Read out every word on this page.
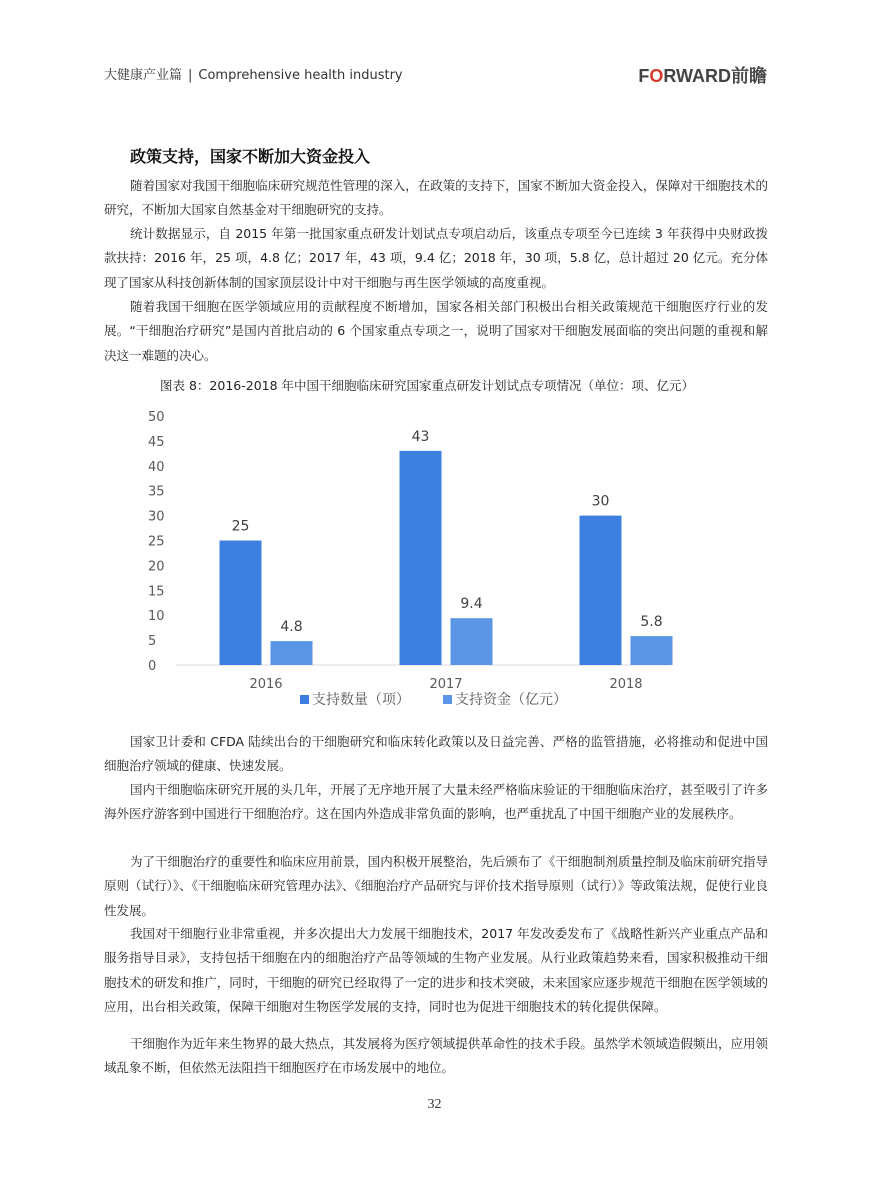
大健康产业篇 | Comprehensive health industry	FORWARD前瞻
政策支持，国家不断加大资金投入

随着国家对我国干细胞临床研究规范性管理的深入，在政策的支持下，国家不断加大资金投入，保障对干细胞技术的研究，不断加大国家自然基金对干细胞研究的支持。

统计数据显示，自 2015 年第一批国家重点研发计划试点专项启动后，该重点专项至今已连续 3 年获得中央财政拨款扶持：2016 年，25 项，4.8 亿；2017 年，43 项，9.4 亿；2018 年，30 项，5.8 亿，总计超过 20 亿元。充分体现了国家从科技创新体制的国家顶层设计中对干细胞与再生医学领域的高度重视。

随着我国干细胞在医学领域应用的贡献程度不断增加，国家各相关部门积极出台相关政策规范干细胞医疗行业的发展。“干细胞治疗研究”是国内首批启动的 6 个国家重点专项之一，说明了国家对干细胞发展面临的突出问题的重视和解决这一难题的决心。

图表 8：2016-2018 年中国干细胞临床研究国家重点研发计划试点专项情况（单位：项、亿元）
0
5
10
15
20
25
30
35
40
45
50
25
4.8
43
9.4
30
5.8
2016	2017	2018
支持数量（项）	支持资金（亿元）

国家卫计委和 CFDA 陆续出台的干细胞研究和临床转化政策以及日益完善、严格的监管措施，必将推动和促进中国细胞治疗领域的健康、快速发展。

国内干细胞临床研究开展的头几年，开展了无序地开展了大量未经严格临床验证的干细胞临床治疗，甚至吸引了许多海外医疗游客到中国进行干细胞治疗。这在国内外造成非常负面的影响，也严重扰乱了中国干细胞产业的发展秩序。

为了干细胞治疗的重要性和临床应用前景，国内积极开展整治，先后颁布了《干细胞制剂质量控制及临床前研究指导原则（试行）》、《干细胞临床研究管理办法》、《细胞治疗产品研究与评价技术指导原则（试行）》等政策法规，促使行业良性发展。

我国对干细胞行业非常重视，并多次提出大力发展干细胞技术，2017 年发改委发布了《战略性新兴产业重点产品和服务指导目录》，支持包括干细胞在内的细胞治疗产品等领域的生物产业发展。从行业政策趋势来看，国家积极推动干细胞技术的研发和推广，同时，干细胞的研究已经取得了一定的进步和技术突破，未来国家应逐步规范干细胞在医学领域的应用，出台相关政策，保障干细胞对生物医学发展的支持，同时也为促进干细胞技术的转化提供保障。

干细胞作为近年来生物界的最大热点，其发展将为医疗领域提供革命性的技术手段。虽然学术领域造假频出，应用领域乱象不断，但依然无法阻挡干细胞医疗在市场发展中的地位。

32
